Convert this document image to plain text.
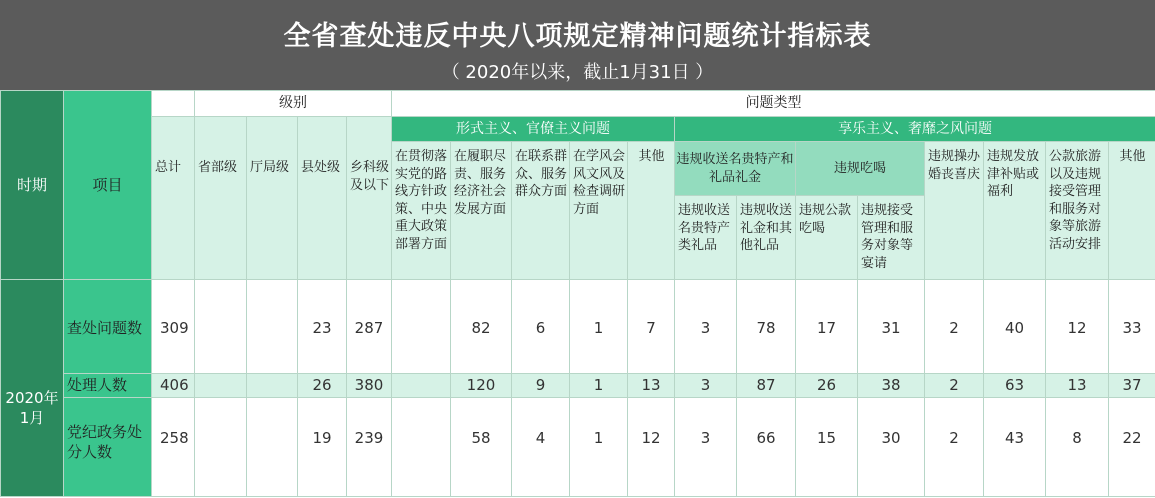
全省查处违反中央八项规定精神问题统计指标表
（ 2020年以来，截止1月31日 ）
时期	项目		级别				问题类型												
		总计	省部级	厅局级	县处级	乡科级及以下	形式主义、官僚主义问题					享乐主义、奢靡之风问题							
							在贯彻落实党的路线方针政策、中央重大政策部署方面	在履职尽责、服务经济社会发展方面	在联系群众、服务群众方面	在学风会风文风及检查调研方面	其他	违规收送名贵特产和礼品礼金		违规吃喝		违规操办婚丧喜庆	违规发放津补贴或福利	公款旅游以及违规接受管理和服务对象等旅游活动安排	其他
												违规收送名贵特产类礼品	违规收送礼金和其他礼品	违规公款吃喝	违规接受管理和服务对象等宴请				
2020年1月	查处问题数	309			23	287		82	6	1	7	3	78	17	31	2	40	12	33
	处理人数	406			26	380		120	9	1	13	3	87	26	38	2	63	13	37
	党纪政务处分人数	258			19	239		58	4	1	12	3	66	15	30	2	43	8	22
